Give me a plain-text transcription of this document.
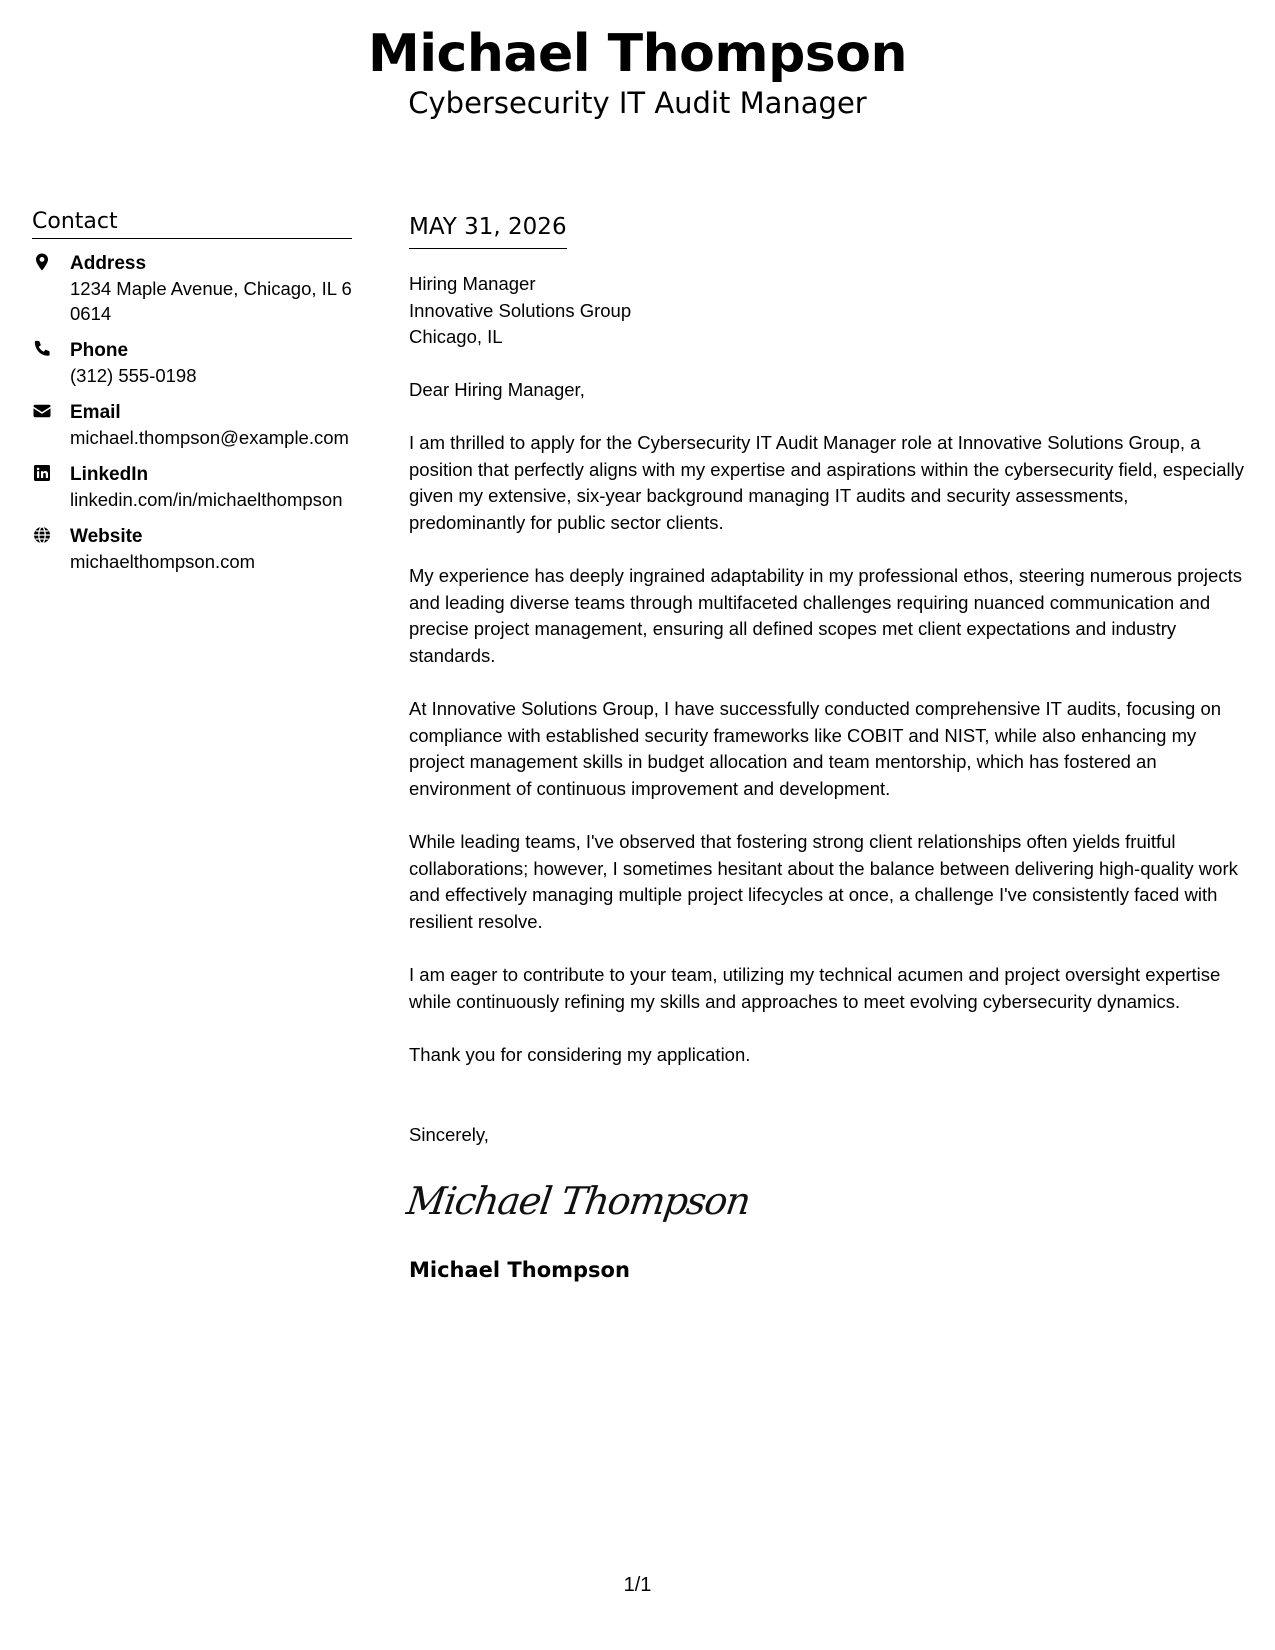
Michael Thompson
Cybersecurity IT Audit Manager
Contact
Address
1234 Maple Avenue, Chicago, IL 60614
Phone
(312) 555-0198
Email
michael.thompson@example.com
LinkedIn
linkedin.com/in/michaelthompson
Website
michaelthompson.com
MAY 31, 2026
Hiring Manager
Innovative Solutions Group
Chicago, IL
Dear Hiring Manager,
I am thrilled to apply for the Cybersecurity IT Audit Manager role at Innovative Solutions Group, a position that perfectly aligns with my expertise and aspirations within the cybersecurity field, especially given my extensive, six-year background managing IT audits and security assessments, predominantly for public sector clients.
My experience has deeply ingrained adaptability in my professional ethos, steering numerous projects and leading diverse teams through multifaceted challenges requiring nuanced communication and precise project management, ensuring all defined scopes met client expectations and industry standards.
At Innovative Solutions Group, I have successfully conducted comprehensive IT audits, focusing on compliance with established security frameworks like COBIT and NIST, while also enhancing my project management skills in budget allocation and team mentorship, which has fostered an environment of continuous improvement and development.
While leading teams, I've observed that fostering strong client relationships often yields fruitful collaborations; however, I sometimes hesitant about the balance between delivering high-quality work and effectively managing multiple project lifecycles at once, a challenge I've consistently faced with resilient resolve.
I am eager to contribute to your team, utilizing my technical acumen and project oversight expertise while continuously refining my skills and approaches to meet evolving cybersecurity dynamics.
Thank you for considering my application.
Sincerely,
Michael Thompson
Michael Thompson
1/1
